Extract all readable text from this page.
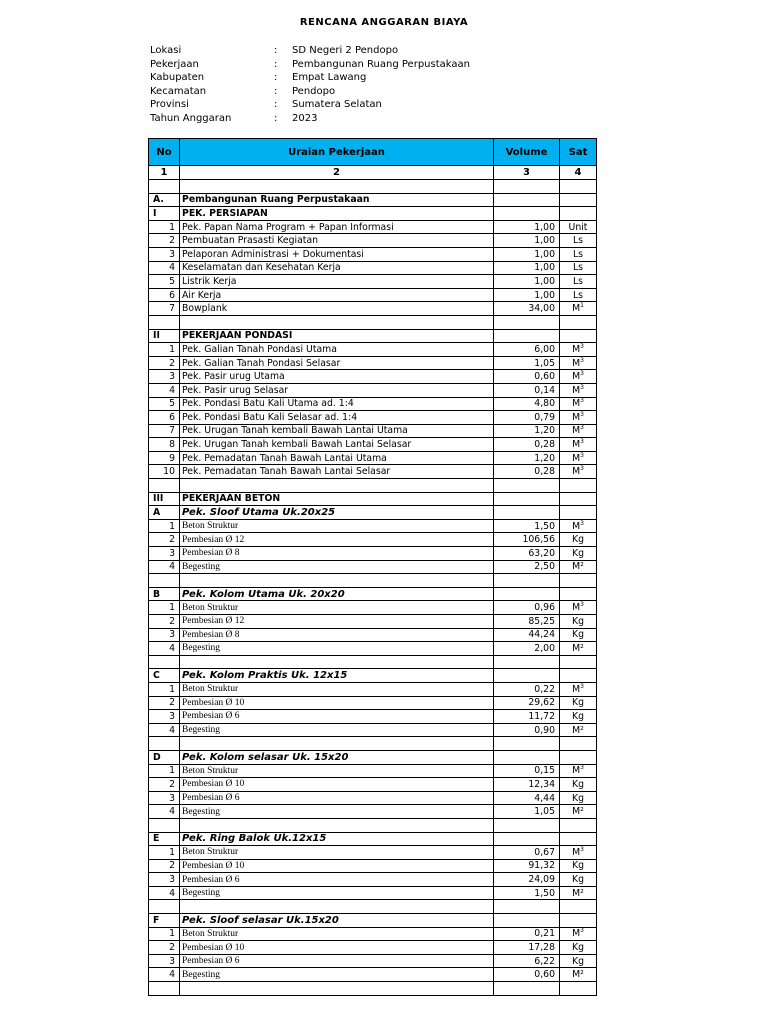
RENCANA ANGGARAN BIAYA
Lokasi	:	SD Negeri 2 Pendopo
Pekerjaan	:	Pembangunan Ruang Perpustakaan
Kabupaten	:	Empat Lawang
Kecamatan	:	Pendopo
Provinsi	:	Sumatera Selatan
Tahun Anggaran	:	2023
No	Uraian Pekerjaan	Volume	Sat
1	2	3	4

A.	Pembangunan Ruang Perpustakaan		
I	PEK. PERSIAPAN		
1	Pek. Papan Nama Program + Papan Informasi	1,00	Unit
2	Pembuatan Prasasti Kegiatan	1,00	Ls
3	Pelaporan Administrasi + Dokumentasi	1,00	Ls
4	Keselamatan dan Kesehatan Kerja	1,00	Ls
5	Listrik Kerja	1,00	Ls
6	Air Kerja	1,00	Ls
7	Bowplank	34,00	$M^1$

II	PEKERJAAN PONDASI		
1	Pek. Galian Tanah Pondasi Utama	6,00	$M^3$
2	Pek. Galian Tanah Pondasi Selasar	1,05	$M^3$
3	Pek. Pasir urug Utama	0,60	$M^3$
4	Pek. Pasir urug Selasar	0,14	$M^3$
5	Pek. Pondasi Batu Kali Utama ad. 1:4	4,80	$M^3$
6	Pek. Pondasi Batu Kali Selasar ad. 1:4	0,79	$M^3$
7	Pek. Urugan Tanah kembali Bawah Lantai Utama	1,20	$M^3$
8	Pek. Urugan Tanah kembali Bawah Lantai Selasar	0,28	$M^3$
9	Pek. Pemadatan Tanah Bawah Lantai Utama	1,20	$M^3$
10	Pek. Pemadatan Tanah Bawah Lantai Selasar	0,28	$M^3$

III	PEKERJAAN BETON		
A	Pek. Sloof Utama Uk.20x25		
1	Beton Struktur	1,50	$M^3$
2	Pembesian Ø 12	106,56	Kg
3	Pembesian Ø 8	63,20	Kg
4	Begesting	2,50	M²

B	Pek. Kolom Utama Uk. 20x20		
1	Beton Struktur	0,96	$M^3$
2	Pembesian Ø 12	85,25	Kg
3	Pembesian Ø 8	44,24	Kg
4	Begesting	2,00	M²

C	Pek. Kolom Praktis Uk. 12x15		
1	Beton Struktur	0,22	$M^3$
2	Pembesian Ø 10	29,62	Kg
3	Pembesian Ø 6	11,72	Kg
4	Begesting	0,90	M²

D	Pek. Kolom selasar Uk. 15x20		
1	Beton Struktur	0,15	$M^3$
2	Pembesian Ø 10	12,34	Kg
3	Pembesian Ø 6	4,44	Kg
4	Begesting	1,05	M²

E	Pek. Ring Balok Uk.12x15		
1	Beton Struktur	0,67	$M^3$
2	Pembesian Ø 10	91,32	Kg
3	Pembesian Ø 6	24,09	Kg
4	Begesting	1,50	M²

F	Pek. Sloof selasar Uk.15x20		
1	Beton Struktur	0,21	$M^3$
2	Pembesian Ø 10	17,28	Kg
3	Pembesian Ø 6	6,22	Kg
4	Begesting	0,60	M²
